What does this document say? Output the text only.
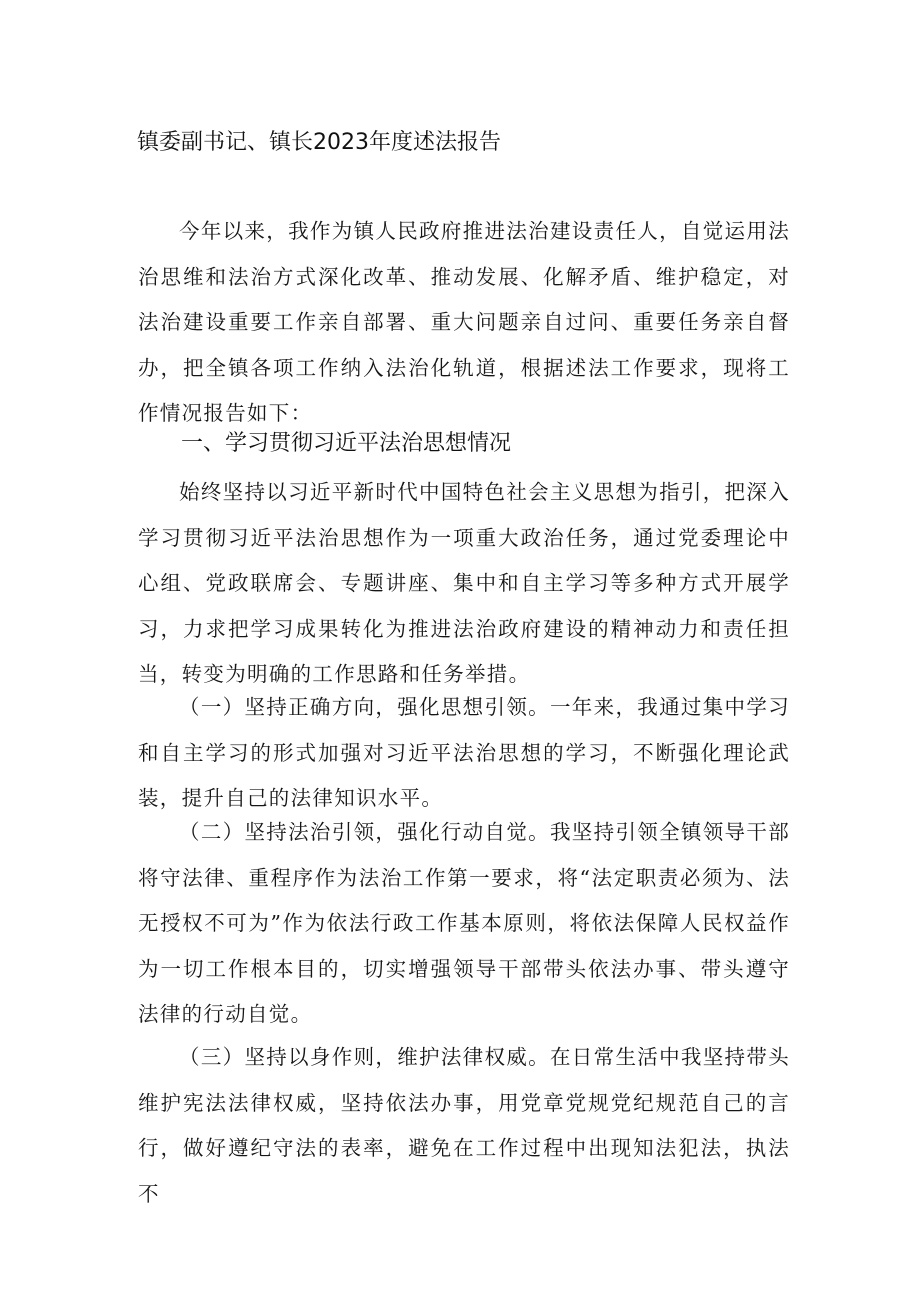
镇委副书记、镇长2023年度述法报告

今年以来，我作为镇人民政府推进法治建设责任人，自觉运用法治思维和法治方式深化改革、推动发展、化解矛盾、维护稳定，对法治建设重要工作亲自部署、重大问题亲自过问、重要任务亲自督办，把全镇各项工作纳入法治化轨道，根据述法工作要求，现将工作情况报告如下：

一、学习贯彻习近平法治思想情况

始终坚持以习近平新时代中国特色社会主义思想为指引，把深入学习贯彻习近平法治思想作为一项重大政治任务，通过党委理论中心组、党政联席会、专题讲座、集中和自主学习等多种方式开展学习，力求把学习成果转化为推进法治政府建设的精神动力和责任担当，转变为明确的工作思路和任务举措。

（一）坚持正确方向，强化思想引领。一年来，我通过集中学习和自主学习的形式加强对习近平法治思想的学习，不断强化理论武装，提升自己的法律知识水平。

（二）坚持法治引领，强化行动自觉。我坚持引领全镇领导干部将守法律、重程序作为法治工作第一要求，将“法定职责必须为、法无授权不可为”作为依法行政工作基本原则，将依法保障人民权益作为一切工作根本目的，切实增强领导干部带头依法办事、带头遵守法律的行动自觉。

（三）坚持以身作则，维护法律权威。在日常生活中我坚持带头维护宪法法律权威，坚持依法办事，用党章党规党纪规范自己的言行，做好遵纪守法的表率，避免在工作过程中出现知法犯法，执法不
